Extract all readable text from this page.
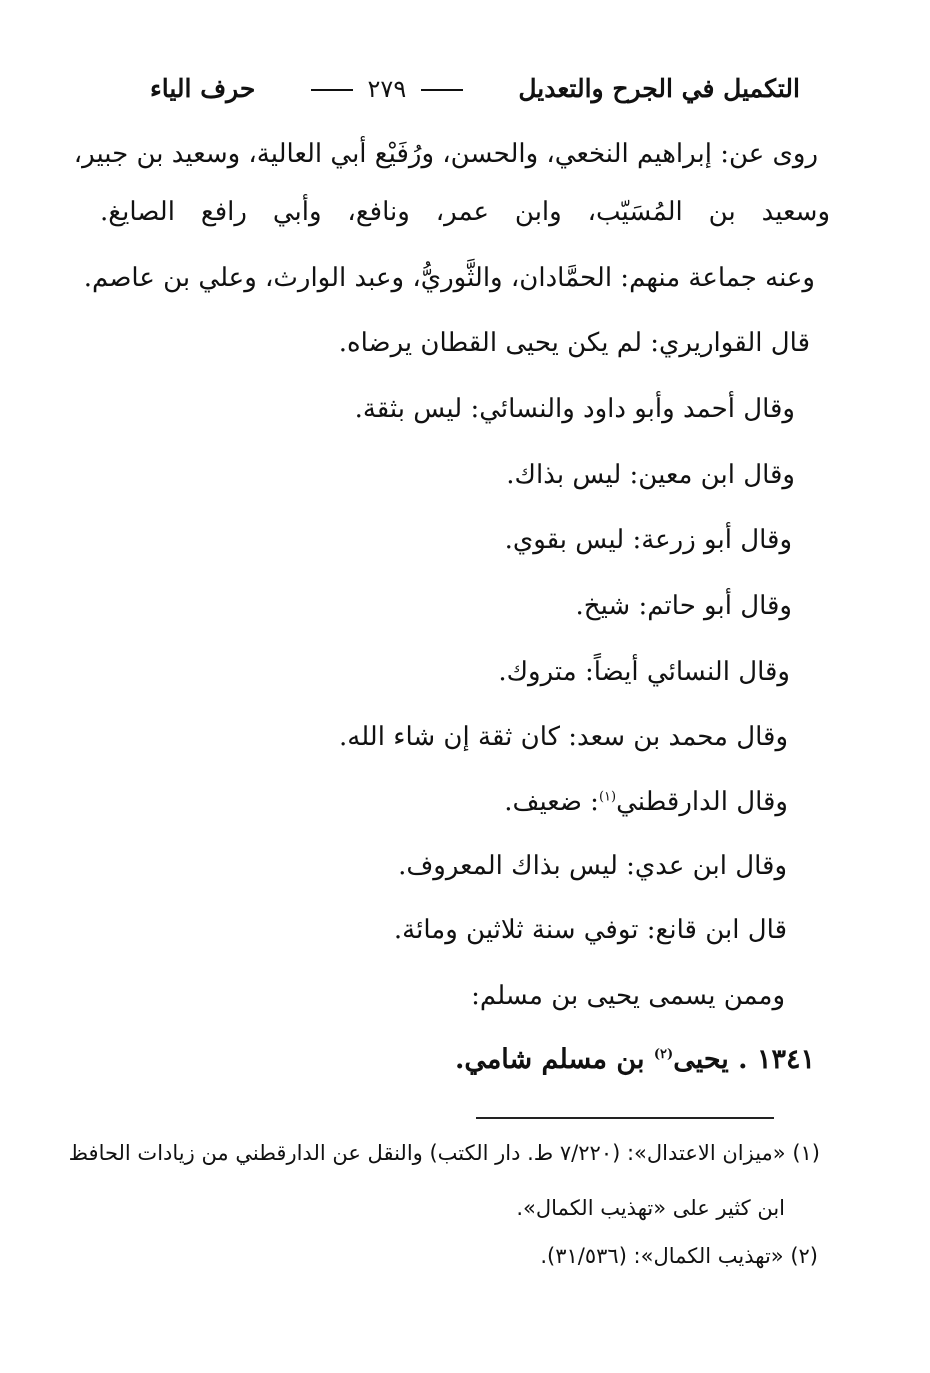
التكميل في الجرح والتعديل
٢٧٩
حرف الياء
روى عن: إبراهيم النخعي، والحسن، ورُفَيْع أبي العالية، وسعيد بن جبير،
وسعيد بن المُسَيّب، وابن عمر، ونافع، وأبي رافع الصايغ.
وعنه جماعة منهم: الحمَّادان، والثَّوريُّ، وعبد الوارث، وعلي بن عاصم.
قال القواريري: لم يكن يحيى القطان يرضاه.
وقال أحمد وأبو داود والنسائي: ليس بثقة.
وقال ابن معين: ليس بذاك.
وقال أبو زرعة: ليس بقوي.
وقال أبو حاتم: شيخ.
وقال النسائي أيضاً: متروك.
وقال محمد بن سعد: كان ثقة إن شاء الله.
وقال الدارقطني$^{(١)}$: ضعيف.
وقال ابن عدي: ليس بذاك المعروف.
قال ابن قانع: توفي سنة ثلاثين ومائة.
وممن يسمى يحيى بن مسلم:
١٣٤١ . يحيى$^{(٢)}$ بن مسلم شامي.
(١) «ميزان الاعتدال»: (٧/٢٢٠ ط. دار الكتب) والنقل عن الدارقطني من زيادات الحافظ
ابن كثير على «تهذيب الكمال».
(٢) «تهذيب الكمال»: (٣١/٥٣٦).
